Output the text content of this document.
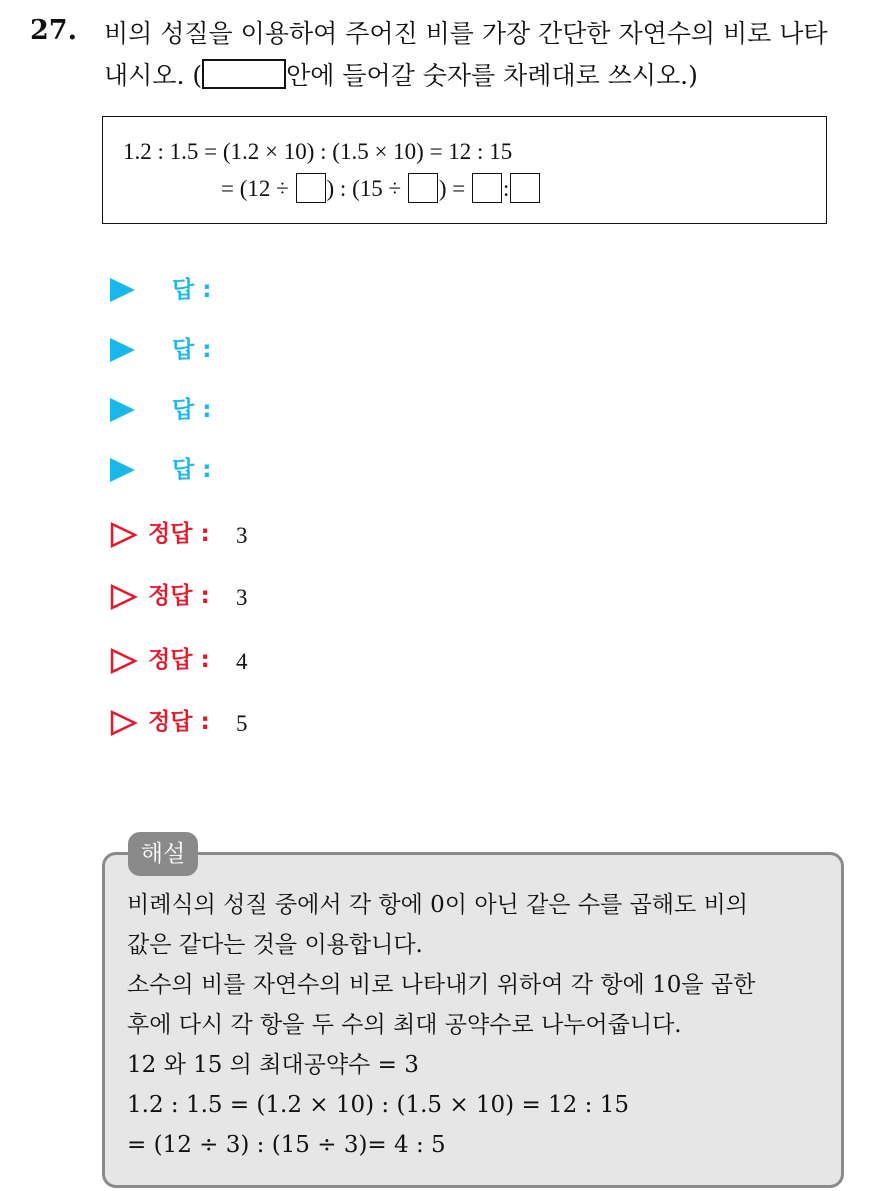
27. 비의 성질을 이용하여 주어진 비를 가장 간단한 자연수의 비로 나타
내시오. (	안에 들어갈 숫자를 차례대로 쓰시오.)
1.2 : 1.5 = (1.2 × 10) : (1.5 × 10) = 12 : 15
= (12 ÷ ) : (15 ÷ ) = :
답 :
답 :
답 :
답 :
정답 : 3
정답 : 3
정답 : 4
정답 : 5
해설
비례식의 성질 중에서 각 항에 0이 아닌 같은 수를 곱해도 비의
값은 같다는 것을 이용합니다.
소수의 비를 자연수의 비로 나타내기 위하여 각 항에 10을 곱한
후에 다시 각 항을 두 수의 최대 공약수로 나누어줍니다.
12 와 15 의 최대공약수 = 3
1.2 : 1.5 = (1.2 × 10) : (1.5 × 10) = 12 : 15
= (12 ÷ 3) : (15 ÷ 3)= 4 : 5
